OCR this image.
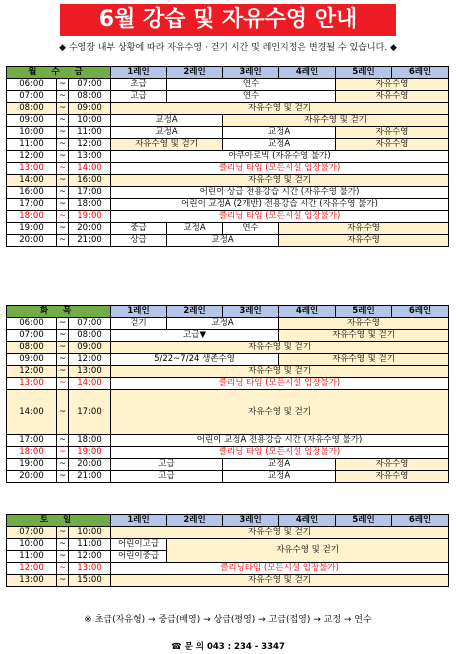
6월 강습 및 자유수영 안내
◆ 수영장 내부 상황에 따라 자유수영 · 걷기 시간 및 레인지정은 변경될 수 있습니다. ◆
월 수 금			1레인	2레인	3레인	4레인	5레인	6레인
06:00	~	07:00	초급	연수			자유수영	
07:00	~	08:00	고급	연수			자유수영	
08:00	~	09:00	자유수영 및 걷기					
09:00	~	10:00	교정A		자유수영 및 걷기			
10:00	~	11:00	교정A		교정A		자유수영	
11:00	~	12:00	자유수영 및 걷기		교정A		자유수영	
12:00	~	13:00	아쿠아로빅 (자유수영 불가)					
13:00	~	14:00	클리닝 타임 (모든시설 입장불가)					
14:00	~	16:00	자유수영 및 걷기					
16:00	~	17:00	어린이 상급 전용강습 시간 (자유수영 불가)					
17:00	~	18:00	어린이 교정A (2개반) 전용강습 시간 (자유수영 불가)					
18:00	~	19:00	클리닝 타임 (모든시설 입장불가)					
19:00	~	20:00	중급	교정A	연수	자유수영		
20:00	~	21:00	상급	교정A		자유수영		
화 목			1레인	2레인	3레인	4레인	5레인	6레인
06:00	~	07:00	걷기	교정A		자유수영		
07:00	~	08:00	고급▼			자유수영 및 걷기		
08:00	~	09:00	자유수영 및 걷기					
09:00	~	12:00	5/22~7/24 생존수영			자유수영 및 걷기		
12:00	~	13:00	자유수영 및 걷기					
13:00	~	14:00	클리닝 타임 (모든시설 입장불가)					
14:00	~	17:00	자유수영 및 걷기					
17:00	~	18:00	어린이 교정A 전용강습 시간 (자유수영 불가)					
18:00	~	19:00	클리닝 타임 (모든시설 입장불가)					
19:00	~	20:00	고급		교정A		자유수영	
20:00	~	21:00	고급		교정A		자유수영	
토 일			1레인	2레인	3레인	4레인	5레인	6레인
07:00	~	10:00	자유수영 및 걷기					
10:00	~	11:00	어린이고급	자유수영 및 걷기				
11:00	~	12:00	어린이중급					
12:00	~	13:00	클리닝타임 (모든시설 입장불가)					
13:00	~	15:00	자유수영 및 걷기					
※ 초급(자유형) → 중급(배영) → 상급(평영) → 고급(접영) → 교정 → 연수
☎ 문 의 043 : 234 - 3347
